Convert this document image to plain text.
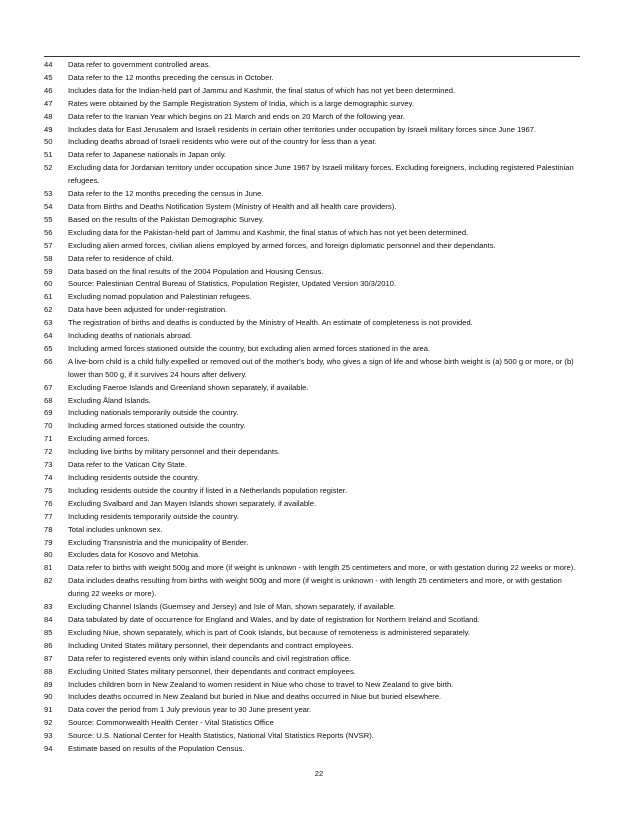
44	Data refer to government controlled areas.
45	Data refer to the 12 months preceding the census in October.
46	Includes data for the Indian-held part of Jammu and Kashmir, the final status of which has not yet been determined.
47	Rates were obtained by the Sample Registration System of India, which is a large demographic survey.
48	Data refer to the Iranian Year which begins on 21 March and ends on 20 March of the following year.
49	Includes data for East Jerusalem and Israeli residents in certain other territories under occupation by Israeli military forces since June 1967.
50	Including deaths abroad of Israeli residents who were out of the country for less than a year.
51	Data refer to Japanese nationals in Japan only.
52	Excluding data for Jordanian territory under occupation since June 1967 by Israeli military forces. Excluding foreigners, including registered Palestinian refugees.
53	Data refer to the 12 months preceding the census in June.
54	Data from Births and Deaths Notification System (Ministry of Health and all health care providers).
55	Based on the results of the Pakistan Demographic Survey.
56	Excluding data for the Pakistan-held part of Jammu and Kashmir, the final status of which has not yet been determined.
57	Excluding alien armed forces, civilian aliens employed by armed forces, and foreign diplomatic personnel and their dependants.
58	Data refer to residence of child.
59	Data based on the final results of the 2004 Population and Housing Census.
60	Source: Palestinian Central Bureau of Statistics, Population Register, Updated Version 30/3/2010.
61	Excluding nomad population and Palestinian refugees.
62	Data have been adjusted for under-registration.
63	The registration of births and deaths is conducted by the Ministry of Health. An estimate of completeness is not provided.
64	Including deaths of nationals abroad.
65	Including armed forces stationed outside the country, but excluding alien armed forces stationed in the area.
66	A live-born child is a child fully expelled or removed out of the mother's body, who gives a sign of life and whose birth weight is (a) 500 g or more, or (b) lower than 500 g, if it survives 24 hours after delivery.
67	Excluding Faeroe Islands and Greenland shown separately, if available.
68	Excluding Åland Islands.
69	Including nationals temporarily outside the country.
70	Including armed forces stationed outside the country.
71	Excluding armed forces.
72	Including live births by military personnel and their dependants.
73	Data refer to the Vatican City State.
74	Including residents outside the country.
75	Including residents outside the country if listed in a Netherlands population register.
76	Excluding Svalbard and Jan Mayen Islands shown separately, if available.
77	Including residents temporarily outside the country.
78	Total includes unknown sex.
79	Excluding Transnistria and the municipality of Bender.
80	Excludes data for Kosovo and Metohia.
81	Data refer to births with weight 500g and more (if weight is unknown - with length 25 centimeters and more, or with gestation during 22 weeks or more).
82	Data includes deaths resulting from births with weight 500g and more (if weight is unknown - with length 25 centimeters and more, or with gestation during 22 weeks or more).
83	Excluding Channel Islands (Guernsey and Jersey) and Isle of Man, shown separately, if available.
84	Data tabulated by date of occurrence for England and Wales, and by date of registration for Northern Ireland and Scotland.
85	Excluding Niue, shown separately, which is part of Cook Islands, but because of remoteness is administered separately.
86	Including United States military personnel, their dependants and contract employees.
87	Data refer to registered events only within island councils and civil registration office.
88	Excluding United States military personnel, their dependants and contract employees.
89	Includes children born in New Zealand to women resident in Niue who chose to travel to New Zealand to give birth.
90	Includes deaths occurred in New Zealand but buried in Niue and deaths occurred in Niue but buried elsewhere.
91	Data cover the period from 1 July previous year to 30 June present year.
92	Source: Commonwealth Health Center - Vital Statistics Office
93	Source: U.S. National Center for Health Statistics, National Vital Statistics Reports (NVSR).
94	Estimate based on results of the Population Census.
22
